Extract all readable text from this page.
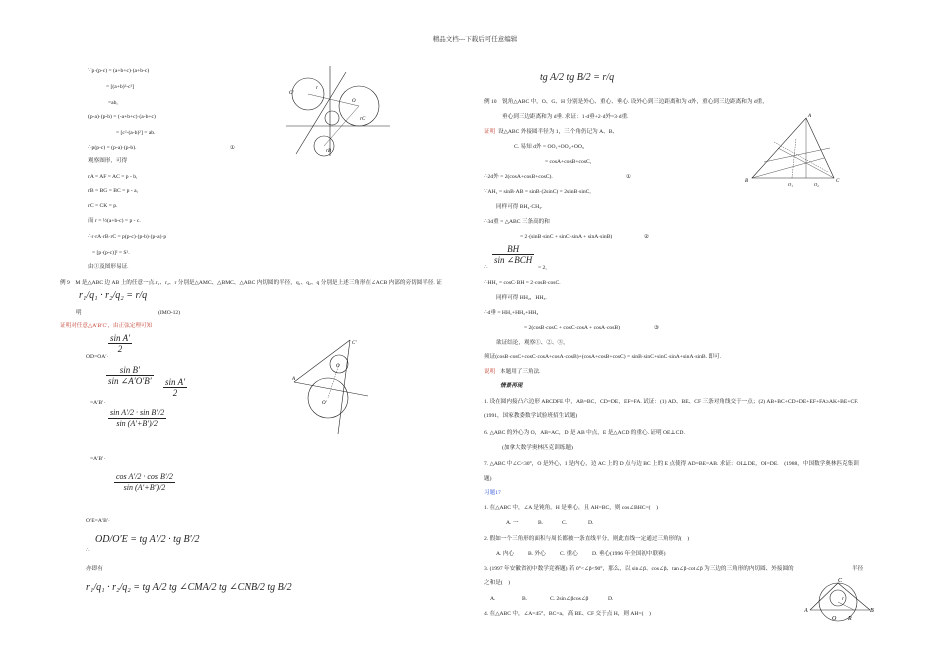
精品文档---下载后可任意编辑
∵p·(p-c) = (a+b+c)·(a+b-c)
= [(a+b)²-c²]
=ab,
(p-a)·(p-b) = (-a+b+c)·(a-b+c)
= [c²-(a-b)²] = ab.
∴p(p-c) = (p-a)·(p-b).	①
观察图形，可得
rA = AF = AC = p - b,
rB = BG = BC = p - a,
rC = CK = p.
而 r = ½(a+b-c) = p - c.
∴r·rA·rB·rC = p(p-c)·(p-b)·(p-a)·p
= [p·(p-c)]² = S².
由①及图形易证.
例 9　M 是△ABC 边 AB 上的任意一点.r₁、r₂、r 分别是△AMC、△BMC、△ABC 内切圆的半径，q₁、q₂、q 分别是上述三角形在∠ACB 内部的旁切圆半径. 证
r₁/q₁ · r₂/q₂ = r/q
明	(IMO-12)
证明对任意△A′B′C′，由正弦定理可知
$\frac{\text{sin A′}}{2}$
OD=OA′·
$\frac{\text{sin B′}}{\sin \angle A'O'B'}$
$\frac{\text{sin A′}}{2}$
=A′B′·
$\frac{\text{sin A′/2 · sin B′/2}}{\sin (A'+B')/2}$
=A′B′·
$\frac{\text{cos A′/2 · cos B′/2}}{\sin (A'+B')/2}$
O′E=A′B′·
∴
OD/O′E = tg A′/2 · tg B′/2
亦即有
r₁/q₁ · r₂/q₂ = tg A/2 tg ∠CMA/2 tg ∠CNB/2 tg B/2
O′
r
O
rC
rB
C′
A
O
O′
tg A/2 tg B/2 = r/q
例 10　锐角△ABC 中，O、G、H 分别是外心、重心、垂心. 设外心到三边距离和为 d外，重心到三边距离和为 d重，
垂心到三边距离和为 d垂. 求证：1·d垂+2·d外=3·d重.
证明 设△ABC 外接圆半径为 1，三个角仍记为 A、B、
C. 易知 d外 = OO₁+OO₂+OO₃
= cosA+cosB+cosC,
∴2d外 = 2(cosA+cosB+cosC).	①
∵AH₁ = sinB·AB = sinB·(2sinC) = 2sinB·sinC,
同样可得 BH₂·CH₃.
∴3d重 = △ABC 三条高的和
= 2·(sinB·sinC + sinC·sinA + sinA·sinB)	②
BH
sin ∠BCH
∴	= 2,
∴HH₁ = cosC·BH = 2·cosB·cosC.
同样可得 HH₂，HH₃.
∴d垂 = HH₁+HH₂+HH₃
= 2(cosB·cosC + cosC·cosA + cosA·cosB)	③
欲证结论，观察①、②、③，
须证(cosB·cosC+cosC·cosA+cosA·cosB)+(cosA+cosB+cosC) = sinB·sinC+sinC·sinA+sinA·sinB. 即可.
说明 本题用了三角法.
情景再现
1. 设在圆内接凸六边形 ABCDFE 中，AB=BC，CD=DE，EF=FA. 试证：(1) AD、BE、CF 三条对角线交于一点；(2) AB+BC+CD+DE+EF+FA≥AK+BE+CF.
(1991，国家教委数学试验班招生试题)
6. △ABC 的外心为 O，AB=AC，D 是 AB 中点，E 是△ACD 的重心. 证明 OE⊥CD.
(加拿大数学奥林匹克训练题)
7. △ABC 中∠C<30°，O 是外心，I 是内心，边 AC 上的 D 点与边 BC 上的 E 点使得 AD=BE=AB. 求证：OI⊥DE，OI=DE.　(1988，中国数学奥林匹克集训
题)
习题17
1. 在△ABC 中，∠A 是钝角，H 是垂心，且 AH=BC，则 cos∠BHC=(　)
A. 一	B.	C.	D.
2. 假如一个三角形的面积与周长都被一条直线平分，则此直线一定通过三角形的(　)
A. 内心 B. 外心	C. 重心	D. 垂心(1996 年全国初中联赛)
3. (1997 年安徽省初中数学竞赛题) 若 0°<∠β<90°，那么，以 sin∠β、cos∠β、tan∠β·cot∠β 为三边的三角形的内切圆、外接圆的	半径
之和是(　)
A.	B.	C. 2sin∠βcos∠β	D.
4. 在△ABC 中，∠A=45°，BC=a，高 BE、CF 交于点 H，则 AH=(　)
B
A
C
O₁	O₂
C
A	B
O R
r
